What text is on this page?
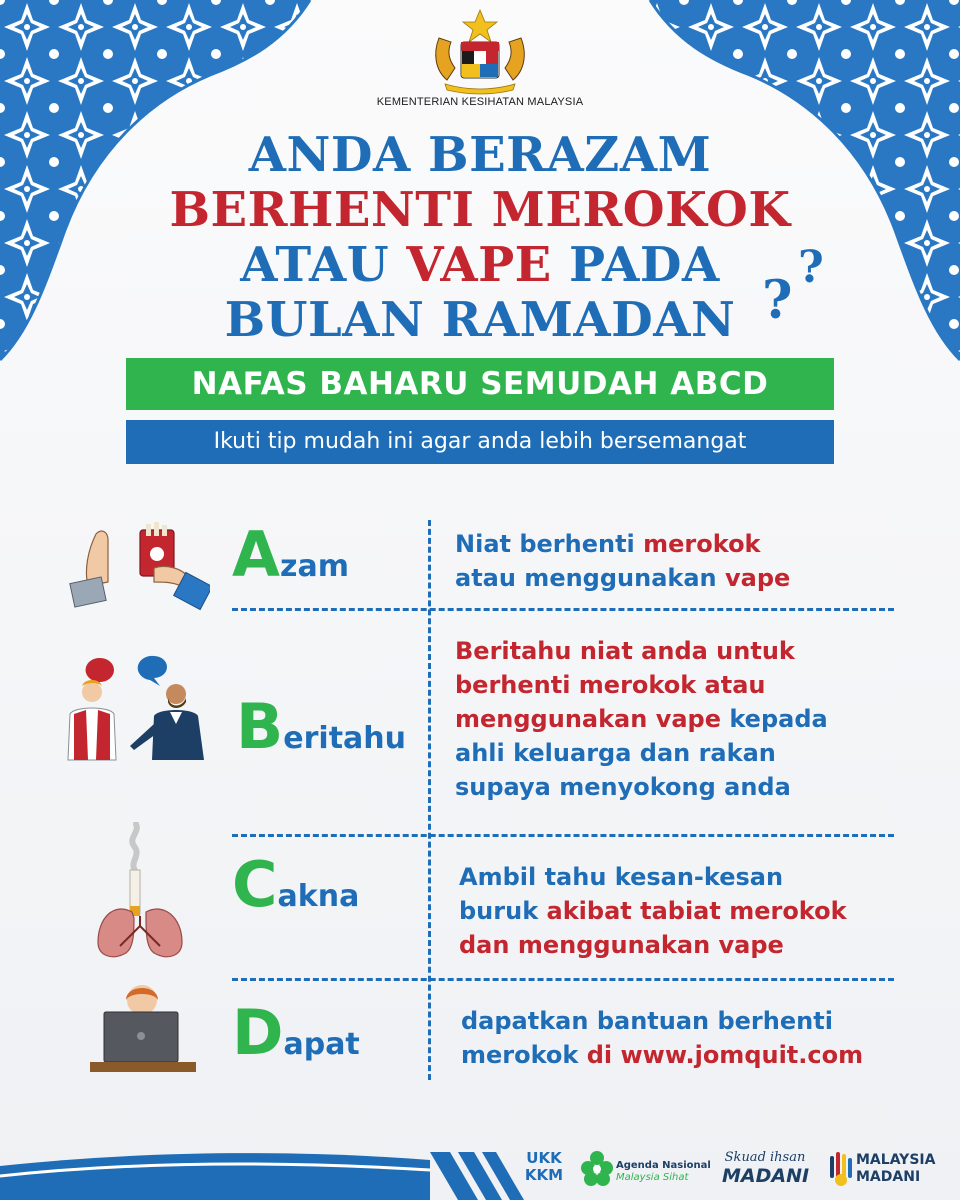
KEMENTERIAN KESIHATAN MALAYSIA
ANDA BERAZAM
BERHENTI MEROKOK
ATAU VAPE PADA
BULAN RAMADAN ?
?
NAFAS BAHARU SEMUDAH ABCD
Ikuti tip mudah ini agar anda lebih bersemangat
Azam
Niat berhenti merokok
atau menggunakan vape
Beritahu
Beritahu niat anda untuk
berhenti merokok atau
menggunakan vape kepada
ahli keluarga dan rakan
supaya menyokong anda
Cakna
Ambil tahu kesan-kesan
buruk akibat tabiat merokok
dan menggunakan vape
Dapat
dapatkan bantuan berhenti
merokok di www.jomquit.com
UKK
KKM
Agenda Nasional
Malaysia Sihat
Skuad ihsan
MADANI
MALAYSIA
MADANI
